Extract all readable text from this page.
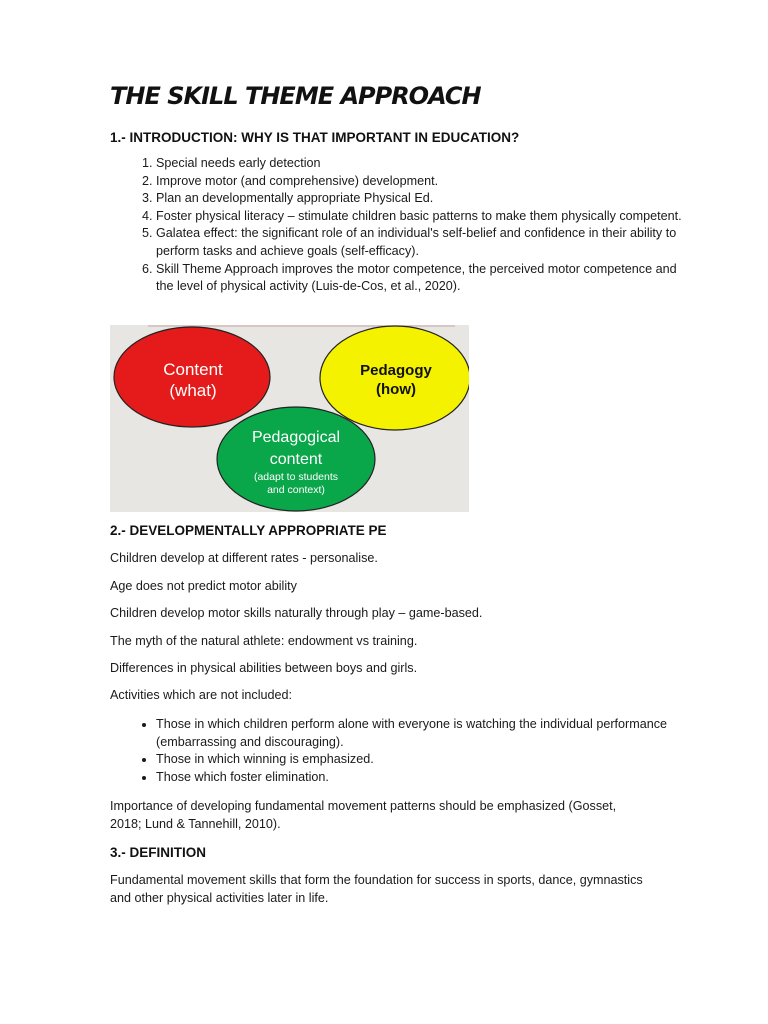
THE SKILL THEME APPROACH
1.- INTRODUCTION: WHY IS THAT IMPORTANT IN EDUCATION?
1. Special needs early detection
2. Improve motor (and comprehensive) development.
3. Plan an developmentally appropriate Physical Ed.
4. Foster physical literacy – stimulate children basic patterns to make them physically competent.
5. Galatea effect: the significant role of an individual's self-belief and confidence in their ability to perform tasks and achieve goals (self-efficacy).
6. Skill Theme Approach improves the motor competence, the perceived motor competence and the level of physical activity (Luis-de-Cos, et al., 2020).
Content
(what)
Pedagogy
(how)
Pedagogical
content
(adapt to students
and context)
2.- DEVELOPMENTALLY APPROPRIATE PE

Children develop at different rates - personalise.

Age does not predict motor ability

Children develop motor skills naturally through play – game-based.

The myth of the natural athlete: endowment vs training.

Differences in physical abilities between boys and girls.

Activities which are not included:

• Those in which children perform alone with everyone is watching the individual performance (embarrassing and discouraging).
• Those in which winning is emphasized.
• Those which foster elimination.

Importance of developing fundamental movement patterns should be emphasized (Gosset, 2018; Lund & Tannehill, 2010).

3.- DEFINITION

Fundamental movement skills that form the foundation for success in sports, dance, gymnastics and other physical activities later in life.
